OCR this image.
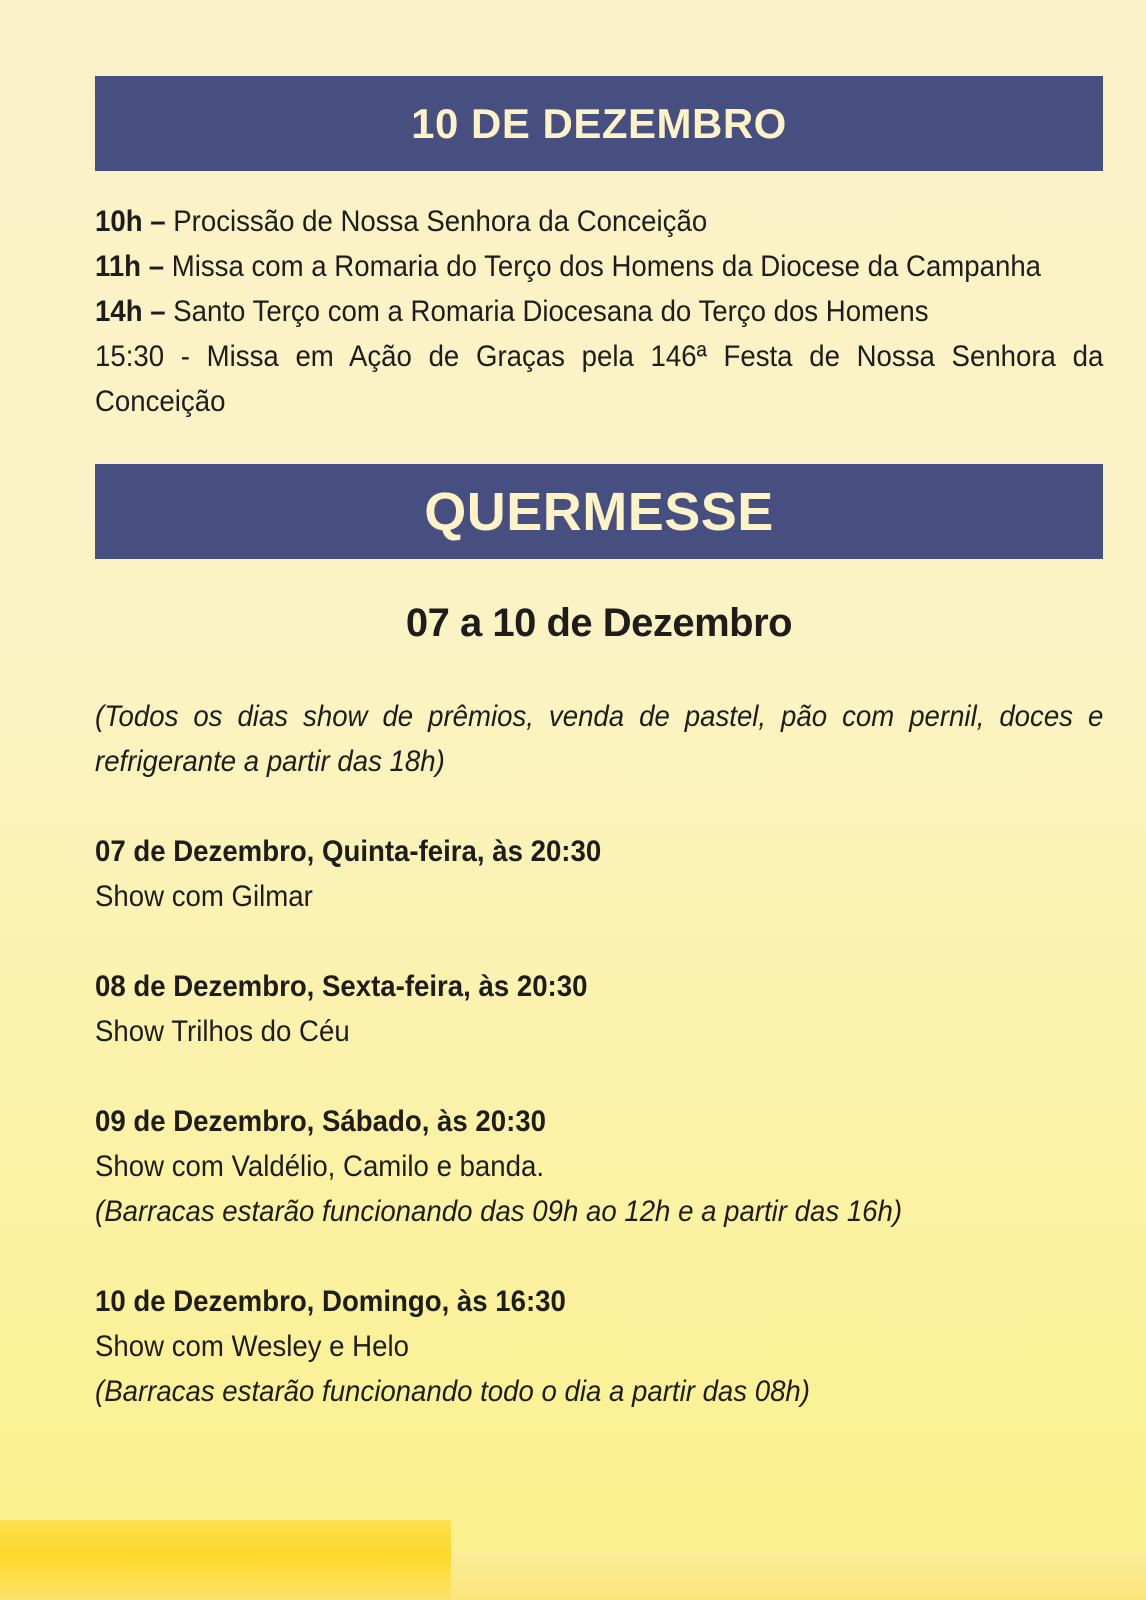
10 DE DEZEMBRO

10h – Procissão de Nossa Senhora da Conceição

11h – Missa com a Romaria do Terço dos Homens da Diocese da Campanha

14h – Santo Terço com a Romaria Diocesana do Terço dos Homens

15:30 - Missa em Ação de Graças pela 146ª Festa de Nossa Senhora da Conceição

QUERMESSE
07 a 10 de Dezembro

(Todos os dias show de prêmios, venda de pastel, pão com pernil, doces e refrigerante a partir das 18h)

07 de Dezembro, Quinta-feira, às 20:30

Show com Gilmar

08 de Dezembro, Sexta-feira, às 20:30

Show Trilhos do Céu

09 de Dezembro, Sábado, às 20:30

Show com Valdélio, Camilo e banda.

(Barracas estarão funcionando das 09h ao 12h e a partir das 16h)

10 de Dezembro, Domingo, às 16:30

Show com Wesley e Helo

(Barracas estarão funcionando todo o dia a partir das 08h)
